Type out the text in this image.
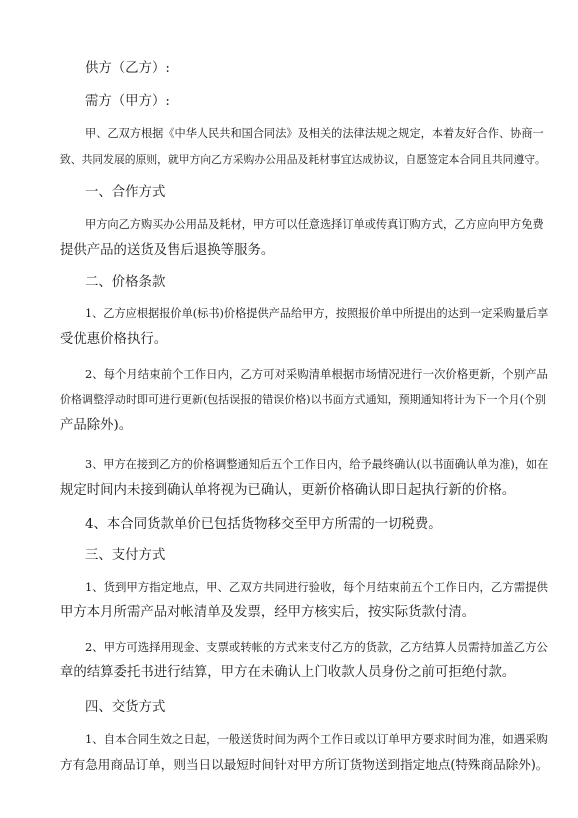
供方（乙方）:
需方（甲方）:
甲、乙双方根据《中华人民共和国合同法》及相关的法律法规之规定，本着友好合作、协商一
致、共同发展的原则，就甲方向乙方采购办公用品及耗材事宜达成协议，自愿签定本合同且共同遵守。
一、合作方式
甲方向乙方购买办公用品及耗材，甲方可以任意选择订单或传真订购方式，乙方应向甲方免费
提供产品的送货及售后退换等服务。
二、价格条款
1、乙方应根据报价单(标书)价格提供产品给甲方，按照报价单中所提出的达到一定采购量后享
受优惠价格执行。
2、每个月结束前个工作日内，乙方可对采购清单根据市场情况进行一次价格更新，个别产品
价格调整浮动时即可进行更新(包括误报的错误价格)以书面方式通知，预期通知将计为下一个月(个别
产品除外)。
3、甲方在接到乙方的价格调整通知后五个工作日内，给予最终确认(以书面确认单为准)，如在
规定时间内未接到确认单将视为已确认，更新价格确认即日起执行新的价格。
4、本合同货款单价已包括货物移交至甲方所需的一切税费。
三、支付方式
1、货到甲方指定地点，甲、乙双方共同进行验收，每个月结束前五个工作日内，乙方需提供
甲方本月所需产品对帐清单及发票，经甲方核实后，按实际货款付清。
2、甲方可选择用现金、支票或转帐的方式来支付乙方的货款，乙方结算人员需持加盖乙方公
章的结算委托书进行结算，甲方在未确认上门收款人员身份之前可拒绝付款。
四、交货方式
1、自本合同生效之日起，一般送货时间为两个工作日或以订单甲方要求时间为准，如遇采购
方有急用商品订单，则当日以最短时间针对甲方所订货物送到指定地点(特殊商品除外)。
